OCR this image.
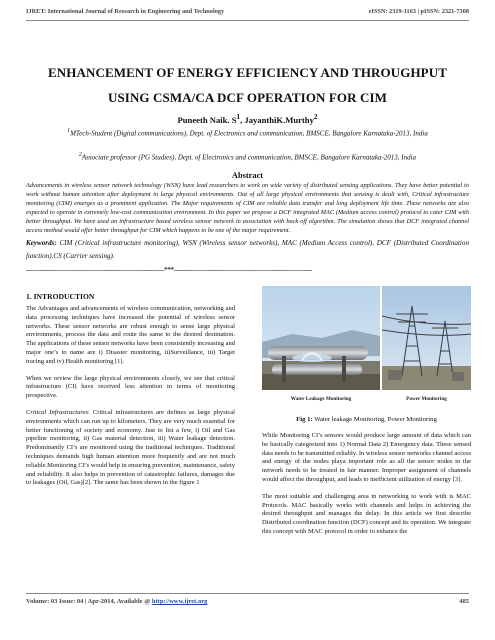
IJRET: International Journal of Research in Engineering and Technology	eISSN: 2319-1163 | pISSN: 2321-7308
ENHANCEMENT OF ENERGY EFFICIENCY AND THROUGHPUT
USING CSMA/CA DCF OPERATION FOR CIM
Puneeth Naik. $S^1$, JayanthiK.Murthy$^2$
$^1$MTech-Student (Digital communications), Dept. of Electronics and communication, BMSCE, Bangalore Karnataka-2013, India
$^2$Associate professor (PG Studies), Dept. of Electronics and communication, BMSCE, Bangalore Karnataka-2013, India
Abstract
Advancements in wireless sensor network technology (WSN) have lead researchers to work on wide variety of distributed sensing applications. They have better potential to work without human attention after deployment in large physical environments. Out of all large physical environments that sensing is dealt with, Critical infrastructure monitoring (CIM) emerges as a prominent application. The Major requirements of CIM are reliable data transfer and long deployment life time. These networks are also expected to operate in extremely low-cost communication environment. In this paper we propose a DCF integrated MAC (Medium access control) protocol to cater CIM with better throughput. We have used an infrastructure based wireless sensor network in association with back off algorithm. The simulation shows that DCF integrated channel access method would offer better throughput for CIM which happens to be one of the major requirement.
Keywords: CIM (Critical infrastructure monitoring), WSN (Wireless sensor networks), MAC (Medium Access control), DCF (Distributed Coordination function).CS (Carrier sensing).
--------------------------------------------------------------------***--------------------------------------------------------------------
1. INTRODUCTION

The Advantages and advancements of wireless communication, networking and data processing techniques have increased the potential of wireless sensor networks. These sensor networks are robust enough to sense large physical environments, process the data and route the same to the desired destination. The applications of these sensor networks have been consistently increasing and major one’s to name are i) Disaster monitoring, ii)Surveillance, iii) Target tracing and iv) Health monitoring [1].

When we review the large physical environments closely, we see that critical infrastructure (CI) have received less attention in terms of monitoring prospective.

Critical Infrastructures: Critical infrastructures are defines as large physical environments which can run up to kilometers. They are very much essential for better functioning of society and economy. Just to list a few, i) Oil and Gas pipeline monitoring, ii) Gas material detection, iii) Water leakage detection. Predominantly CI’s are monitored using the traditional techniques. Traditional techniques demands high human attention more frequently and are not much reliable.Monitoring CI’s would help in ensuring prevention, maintenance, safety and reliability. It also helps in prevention of catastrophic failures, damages due to leakages (Oil, Gas)[2]. The same has been shown in the figure 1

Water Leakage Monitoring	Power Monitoring
Fig 1: Water leakage Monitoring, Power Monitoring

While Monitoring CI’s sensors would produce large amount of data which can be basically categorized into 1) Normal Data 2) Emergency data. These sensed data needs to be transmitted reliably. In wireless sensor networks channel access and energy of the nodes playa important role as all the sensor nodes in the network needs to be treated in fair manner. Improper assignment of channels would affect the throughput, and leads to inefficient utilization of energy [3].

The most suitable and challenging area in networking to work with is MAC Protocols. MAC basically works with channels and helps in achieving the desired throughput and manages the delay. In this article we first describe Distributed coordination function (DCF) concept and its operation. We integrate this concept with MAC protocol in order to enhance the

Volume: 03 Issue: 04 | Apr-2014, Available @ http://www.ijret.org	485
